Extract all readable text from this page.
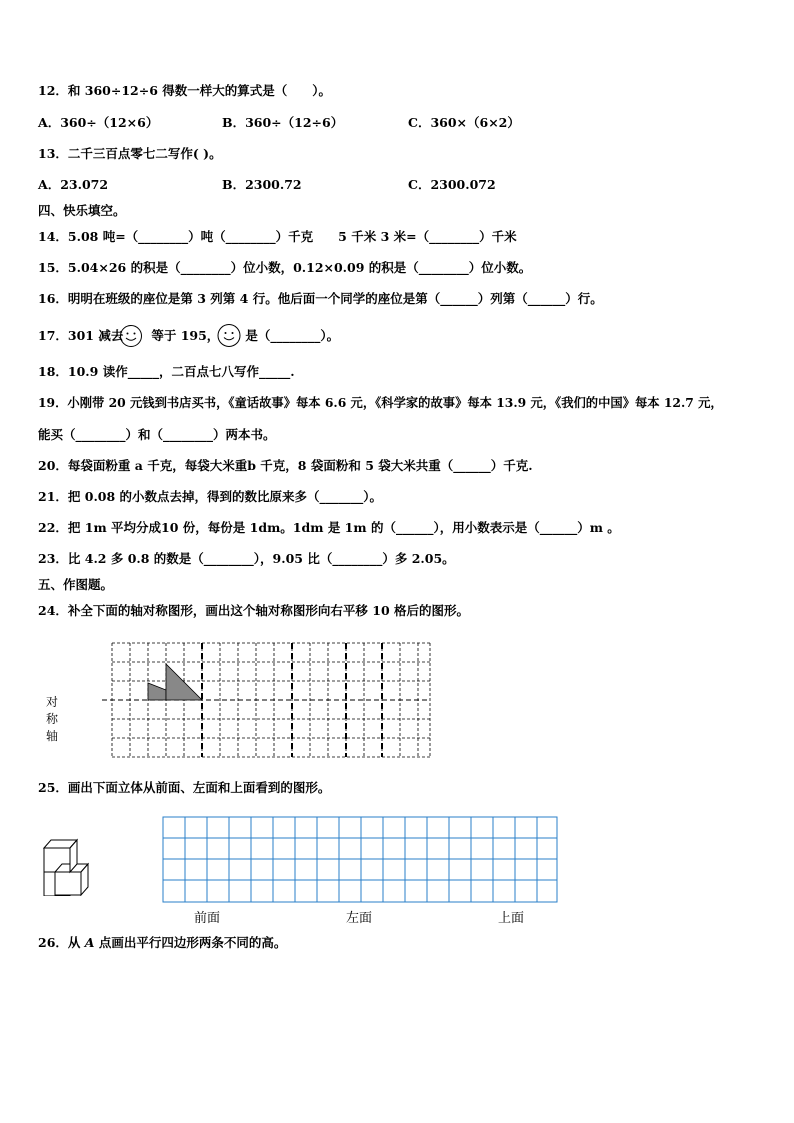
12．和 360÷12÷6 得数一样大的算式是（　　）。
A．360÷（12×6）	B．360÷（12÷6）	C．360×（6×2）
13．二千三百点零七二写作( )。
A．23.072	B．2300.72	C．2300.072
四、快乐填空。
14．5.08 吨=（________）吨（________）千克　　5 千米 3 米=（________）千米
15．5.04×26 的积是（________）位小数，0.12×0.09 的积是（________）位小数。
16．明明在班级的座位是第 3 列第 4 行。他后面一个同学的座位是第（______）列第（______）行。
17．301 减去 等于 195， 是（________）。
18．10.9 读作_____，二百点七八写作_____.
19．小刚带 20 元钱到书店买书，《童话故事》每本 6.6 元，《科学家的故事》每本 13.9 元，《我们的中国》每本 12.7 元，
能买（________）和（________）两本书。
20．每袋面粉重 a 千克，每袋大米重b 千克，8 袋面粉和 5 袋大米共重（______）千克.
21．把 0.08 的小数点去掉，得到的数比原来多（_______）。
22．把 1m 平均分成10 份，每份是 1dm。1dm 是 1m 的（______），用小数表示是（______）m 。
23．比 4.2 多 0.8 的数是（________），9.05 比（________）多 2.05。
五、作图题。
24．补全下面的轴对称图形，画出这个轴对称图形向右平移 10 格后的图形。
对称轴
25．画出下面立体从前面、左面和上面看到的图形。
前面	左面	上面
26．从 A 点画出平行四边形两条不同的高。
